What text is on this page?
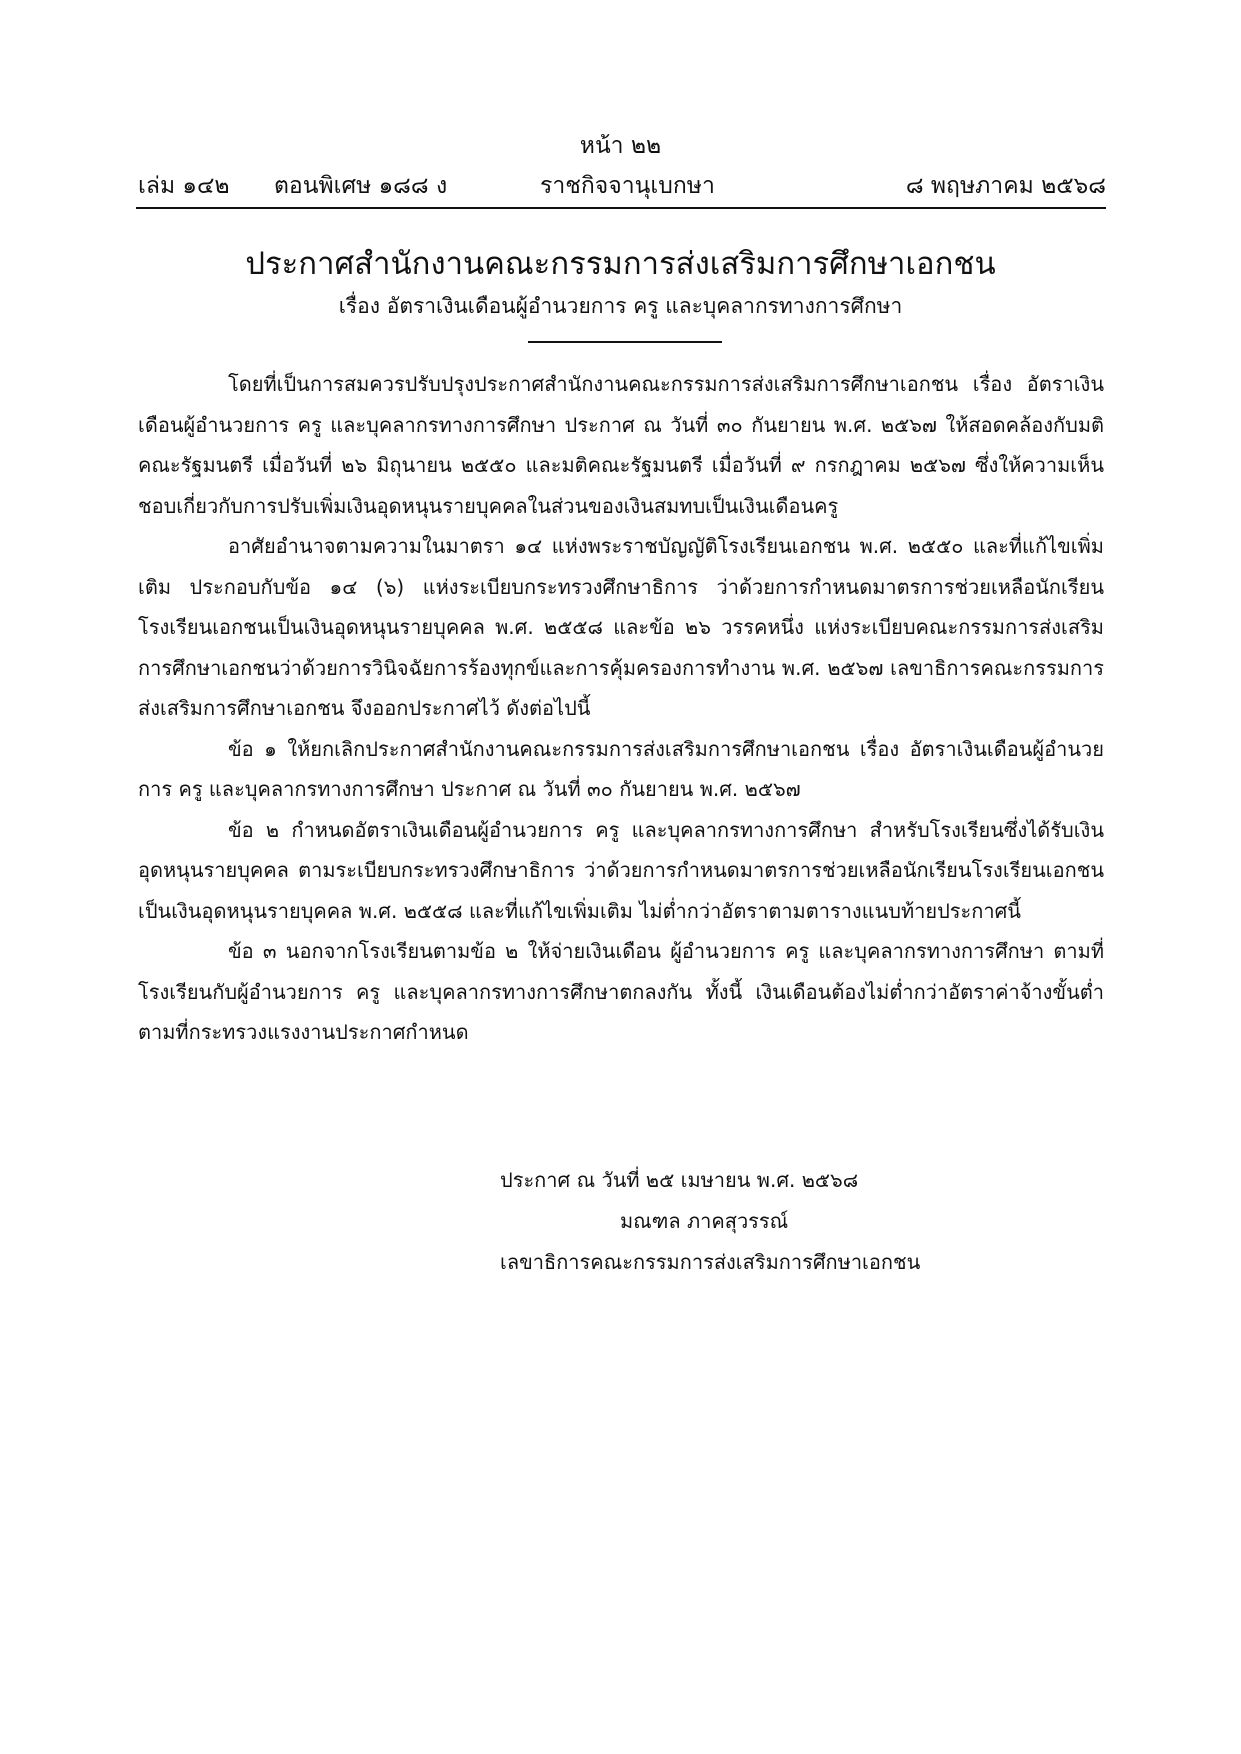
หน้า ๒๒
เล่ม ๑๔๒ ตอนพิเศษ ๑๘๘ ง	ราชกิจจานุเบกษา	๘ พฤษภาคม ๒๕๖๘
ประกาศสำนักงานคณะกรรมการส่งเสริมการศึกษาเอกชน
เรื่อง อัตราเงินเดือนผู้อำนวยการ ครู และบุคลากรทางการศึกษา

โดยที่เป็นการสมควรปรับปรุงประกาศสำนักงานคณะกรรมการส่งเสริมการศึกษาเอกชน เรื่อง อัตราเงินเดือนผู้อำนวยการ ครู และบุคลากรทางการศึกษา ประกาศ ณ วันที่ ๓๐ กันยายน พ.ศ. ๒๕๖๗ ให้สอดคล้องกับมติคณะรัฐมนตรี เมื่อวันที่ ๒๖ มิถุนายน ๒๕๕๐ และมติคณะรัฐมนตรี เมื่อวันที่ ๙ กรกฎาคม ๒๕๖๗ ซึ่งให้ความเห็นชอบเกี่ยวกับการปรับเพิ่มเงินอุดหนุนรายบุคคลในส่วนของเงินสมทบเป็นเงินเดือนครู

อาศัยอำนาจตามความในมาตรา ๑๔ แห่งพระราชบัญญัติโรงเรียนเอกชน พ.ศ. ๒๕๕๐ และที่แก้ไขเพิ่มเติม ประกอบกับข้อ ๑๔ (๖) แห่งระเบียบกระทรวงศึกษาธิการ ว่าด้วยการกำหนดมาตรการช่วยเหลือนักเรียนโรงเรียนเอกชนเป็นเงินอุดหนุนรายบุคคล พ.ศ. ๒๕๕๘ และข้อ ๒๖ วรรคหนึ่ง แห่งระเบียบคณะกรรมการส่งเสริมการศึกษาเอกชนว่าด้วยการวินิจฉัยการร้องทุกข์และการคุ้มครองการทำงาน พ.ศ. ๒๕๖๗ เลขาธิการคณะกรรมการส่งเสริมการศึกษาเอกชน จึงออกประกาศไว้ ดังต่อไปนี้

ข้อ ๑ ให้ยกเลิกประกาศสำนักงานคณะกรรมการส่งเสริมการศึกษาเอกชน เรื่อง อัตราเงินเดือนผู้อำนวยการ ครู และบุคลากรทางการศึกษา ประกาศ ณ วันที่ ๓๐ กันยายน พ.ศ. ๒๕๖๗

ข้อ ๒ กำหนดอัตราเงินเดือนผู้อำนวยการ ครู และบุคลากรทางการศึกษา สำหรับโรงเรียนซึ่งได้รับเงินอุดหนุนรายบุคคล ตามระเบียบกระทรวงศึกษาธิการ ว่าด้วยการกำหนดมาตรการช่วยเหลือนักเรียนโรงเรียนเอกชนเป็นเงินอุดหนุนรายบุคคล พ.ศ. ๒๕๕๘ และที่แก้ไขเพิ่มเติม ไม่ต่ำกว่าอัตราตามตารางแนบท้ายประกาศนี้

ข้อ ๓ นอกจากโรงเรียนตามข้อ ๒ ให้จ่ายเงินเดือน ผู้อำนวยการ ครู และบุคลากรทางการศึกษา ตามที่โรงเรียนกับผู้อำนวยการ ครู และบุคลากรทางการศึกษาตกลงกัน ทั้งนี้ เงินเดือนต้องไม่ต่ำกว่าอัตราค่าจ้างขั้นต่ำตามที่กระทรวงแรงงานประกาศกำหนด

ประกาศ ณ วันที่ ๒๕ เมษายน พ.ศ. ๒๕๖๘
มณฑล ภาคสุวรรณ์
เลขาธิการคณะกรรมการส่งเสริมการศึกษาเอกชน
